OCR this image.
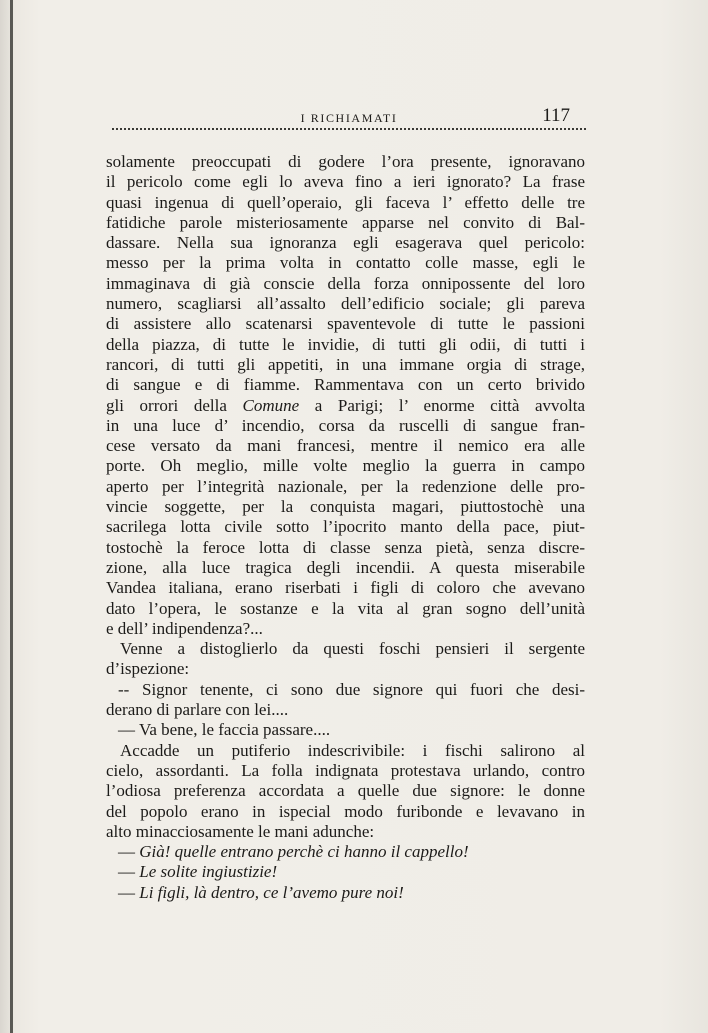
I RICHIAMATI	117
solamente preoccupati di godere l’ora presente, ignoravano
il pericolo come egli lo aveva fino a ieri ignorato? La frase
quasi ingenua di quell’operaio, gli faceva l’ effetto delle tre
fatidiche parole misteriosamente apparse nel convito di Bal-
dassare. Nella sua ignoranza egli esagerava quel pericolo:
messo per la prima volta in contatto colle masse, egli le
immaginava di già conscie della forza onnipossente del loro
numero, scagliarsi all’assalto dell’edificio sociale; gli pareva
di assistere allo scatenarsi spaventevole di tutte le passioni
della piazza, di tutte le invidie, di tutti gli odii, di tutti i
rancori, di tutti gli appetiti, in una immane orgia di strage,
di sangue e di fiamme. Rammentava con un certo brivido
gli orrori della Comune a Parigi; l’ enorme città avvolta
in una luce d’ incendio, corsa da ruscelli di sangue fran-
cese versato da mani francesi, mentre il nemico era alle
porte. Oh meglio, mille volte meglio la guerra in campo
aperto per l’integrità nazionale, per la redenzione delle pro-
vincie soggette, per la conquista magari, piuttostochè una
sacrilega lotta civile sotto l’ipocrito manto della pace, piut-
tostochè la feroce lotta di classe senza pietà, senza discre-
zione, alla luce tragica degli incendii. A questa miserabile
Vandea italiana, erano riserbati i figli di coloro che avevano
dato l’opera, le sostanze e la vita al gran sogno dell’unità
e dell’ indipendenza?...
Venne a distoglierlo da questi foschi pensieri il sergente
d’ispezione:
-- Signor tenente, ci sono due signore qui fuori che desi-
derano di parlare con lei....
— Va bene, le faccia passare....
Accadde un putiferio indescrivibile: i fischi salirono al
cielo, assordanti. La folla indignata protestava urlando, contro
l’odiosa preferenza accordata a quelle due signore: le donne
del popolo erano in ispecial modo furibonde e levavano in
alto minacciosamente le mani adunche:
— Già! quelle entrano perchè ci hanno il cappello!
— Le solite ingiustizie!
— Li figli, là dentro, ce l’avemo pure noi!
